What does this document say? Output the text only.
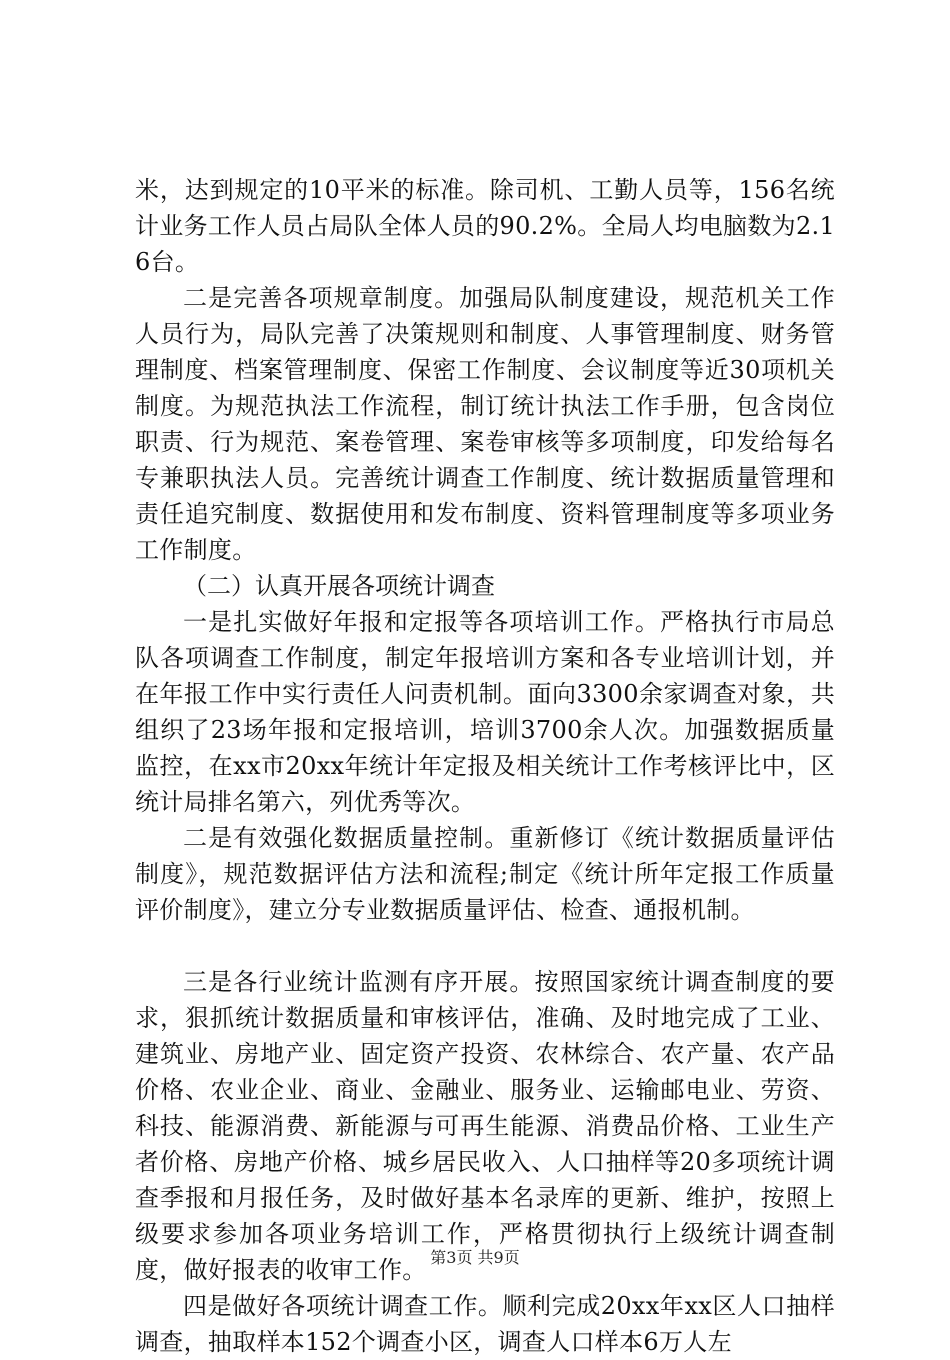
米，达到规定的10平米的标准。除司机、工勤人员等，156名统计业务工作人员占局队全体人员的90.2%。全局人均电脑数为2.16台。

二是完善各项规章制度。加强局队制度建设，规范机关工作人员行为，局队完善了决策规则和制度、人事管理制度、财务管理制度、档案管理制度、保密工作制度、会议制度等近30项机关制度。为规范执法工作流程，制订统计执法工作手册，包含岗位职责、行为规范、案卷管理、案卷审核等多项制度，印发给每名专兼职执法人员。完善统计调查工作制度、统计数据质量管理和责任追究制度、数据使用和发布制度、资料管理制度等多项业务工作制度。

（二）认真开展各项统计调查

一是扎实做好年报和定报等各项培训工作。严格执行市局总队各项调查工作制度，制定年报培训方案和各专业培训计划，并在年报工作中实行责任人问责机制。面向3300余家调查对象，共组织了23场年报和定报培训，培训3700余人次。加强数据质量监控，在xx市20xx年统计年定报及相关统计工作考核评比中，区统计局排名第六，列优秀等次。

二是有效强化数据质量控制。重新修订《统计数据质量评估制度》，规范数据评估方法和流程;制定《统计所年定报工作质量评价制度》，建立分专业数据质量评估、检查、通报机制。

三是各行业统计监测有序开展。按照国家统计调查制度的要求，狠抓统计数据质量和审核评估，准确、及时地完成了工业、建筑业、房地产业、固定资产投资、农林综合、农产量、农产品价格、农业企业、商业、金融业、服务业、运输邮电业、劳资、科技、能源消费、新能源与可再生能源、消费品价格、工业生产者价格、房地产价格、城乡居民收入、人口抽样等20多项统计调查季报和月报任务，及时做好基本名录库的更新、维护，按照上级要求参加各项业务培训工作，严格贯彻执行上级统计调查制度，做好报表的收审工作。

四是做好各项统计调查工作。顺利完成20xx年xx区人口抽样调查，抽取样本152个调查小区，调查人口样本6万人左

第3页 共9页
